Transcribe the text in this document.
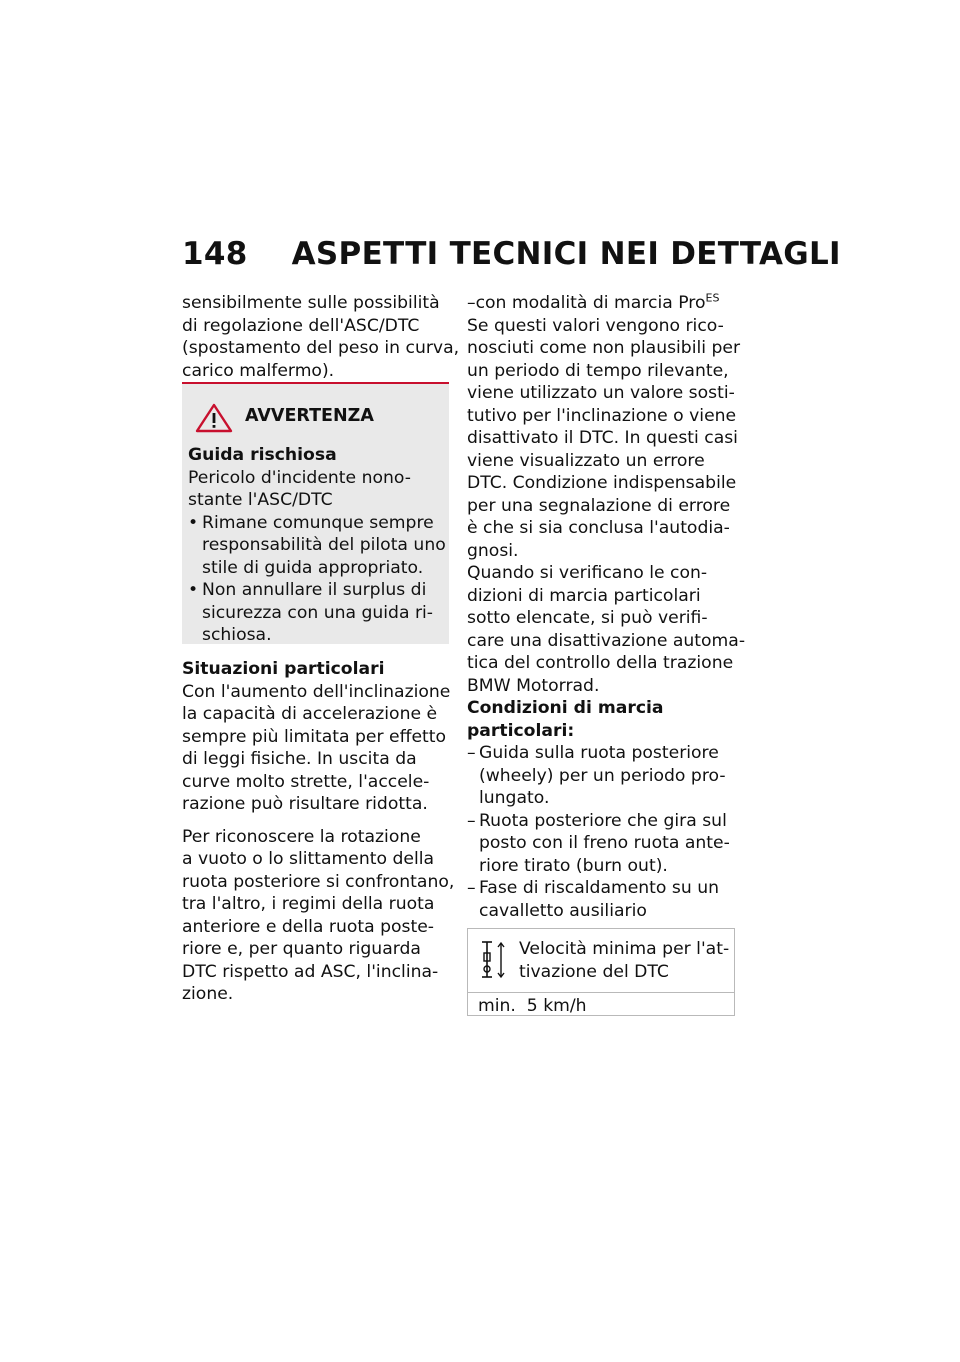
148 ASPETTI TECNICI NEI DETTAGLI
sensibilmente sulle possibilità
di regolazione dell'ASC/DTC
(spostamento del peso in curva,
carico malfermo).
AVVERTENZA
Guida rischiosa
Pericolo d'incidente nono-
stante l'ASC/DTC
• Rimane comunque sempre
responsabilità del pilota uno
stile di guida appropriato.
• Non annullare il surplus di
sicurezza con una guida ri-
schiosa.
Situazioni particolari
Con l'aumento dell'inclinazione
la capacità di accelerazione è
sempre più limitata per effetto
di leggi fisiche. In uscita da
curve molto strette, l'accele-
razione può risultare ridotta.
Per riconoscere la rotazione
a vuoto o lo slittamento della
ruota posteriore si confrontano,
tra l'altro, i regimi della ruota
anteriore e della ruota poste-
riore e, per quanto riguarda
DTC rispetto ad ASC, l'inclina-
zione.
–con modalità di marcia Pro$^{ES}$
Se questi valori vengono rico-
nosciuti come non plausibili per
un periodo di tempo rilevante,
viene utilizzato un valore sosti-
tutivo per l'inclinazione o viene
disattivato il DTC. In questi casi
viene visualizzato un errore
DTC. Condizione indispensabile
per una segnalazione di errore
è che si sia conclusa l'autodia-
gnosi.
Quando si verificano le con-
dizioni di marcia particolari
sotto elencate, si può verifi-
care una disattivazione automa-
tica del controllo della trazione
BMW Motorrad.
Condizioni di marcia
particolari:
– Guida sulla ruota posteriore
(wheely) per un periodo pro-
lungato.
– Ruota posteriore che gira sul
posto con il freno ruota ante-
riore tirato (burn out).
– Fase di riscaldamento su un
cavalletto ausiliario
Velocità minima per l'at-
tivazione del DTC
min.  5 km/h
